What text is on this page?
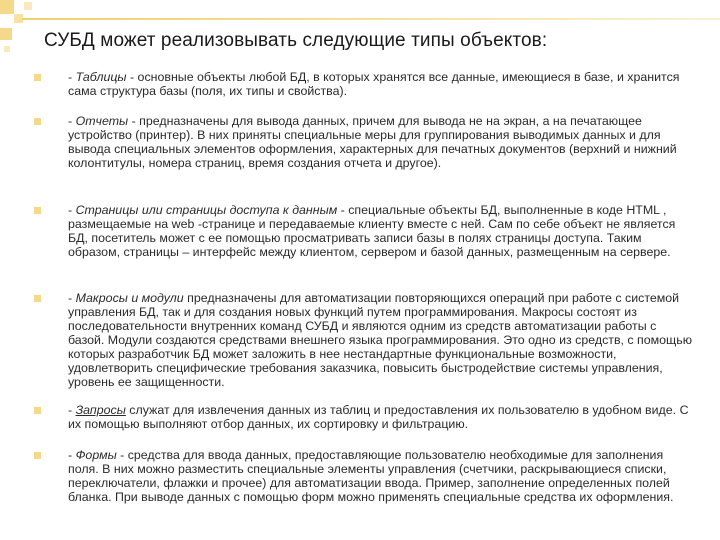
СУБД может реализовывать следующие типы объектов:
- Таблицы - основные объекты любой БД, в которых хранятся все данные, имеющиеся в базе, и хранится сама структура базы (поля, их типы и свойства).
- Отчеты - предназначены для вывода данных, причем для вывода не на экран, а на печатающее устройство (принтер). В них приняты специальные меры для группирования выводимых данных и для вывода специальных элементов оформления, характерных для печатных документов (верхний и нижний колонтитулы, номера страниц, время создания отчета и другое).
- Страницы или страницы доступа к данным - специальные объекты БД, выполненные в коде HTML , размещаемые на web -странице и передаваемые клиенту вместе с ней. Сам по себе объект не является БД, посетитель может с ее помощью просматривать записи базы в полях страницы доступа. Таким образом, страницы – интерфейс между клиентом, сервером и базой данных, размещенным на сервере.
- Макросы и модули предназначены для автоматизации повторяющихся операций при работе с системой управления БД, так и для создания новых функций путем программирования. Макросы состоят из последовательности внутренних команд СУБД и являются одним из средств автоматизации работы с базой. Модули создаются средствами внешнего языка программирования. Это одно из средств, с помощью которых разработчик БД может заложить в нее нестандартные функциональные возможности, удовлетворить специфические требования заказчика, повысить быстродействие системы управления, уровень ее защищенности.
- Запросы служат для извлечения данных из таблиц и предоставления их пользователю в удобном виде. С их помощью выполняют отбор данных, их сортировку и фильтрацию.
- Формы - средства для ввода данных, предоставляющие пользователю необходимые для заполнения поля. В них можно разместить специальные элементы управления (счетчики, раскрывающиеся списки, переключатели, флажки и прочее) для автоматизации ввода. Пример, заполнение определенных полей бланка. При выводе данных с помощью форм можно применять специальные средства их оформления.
